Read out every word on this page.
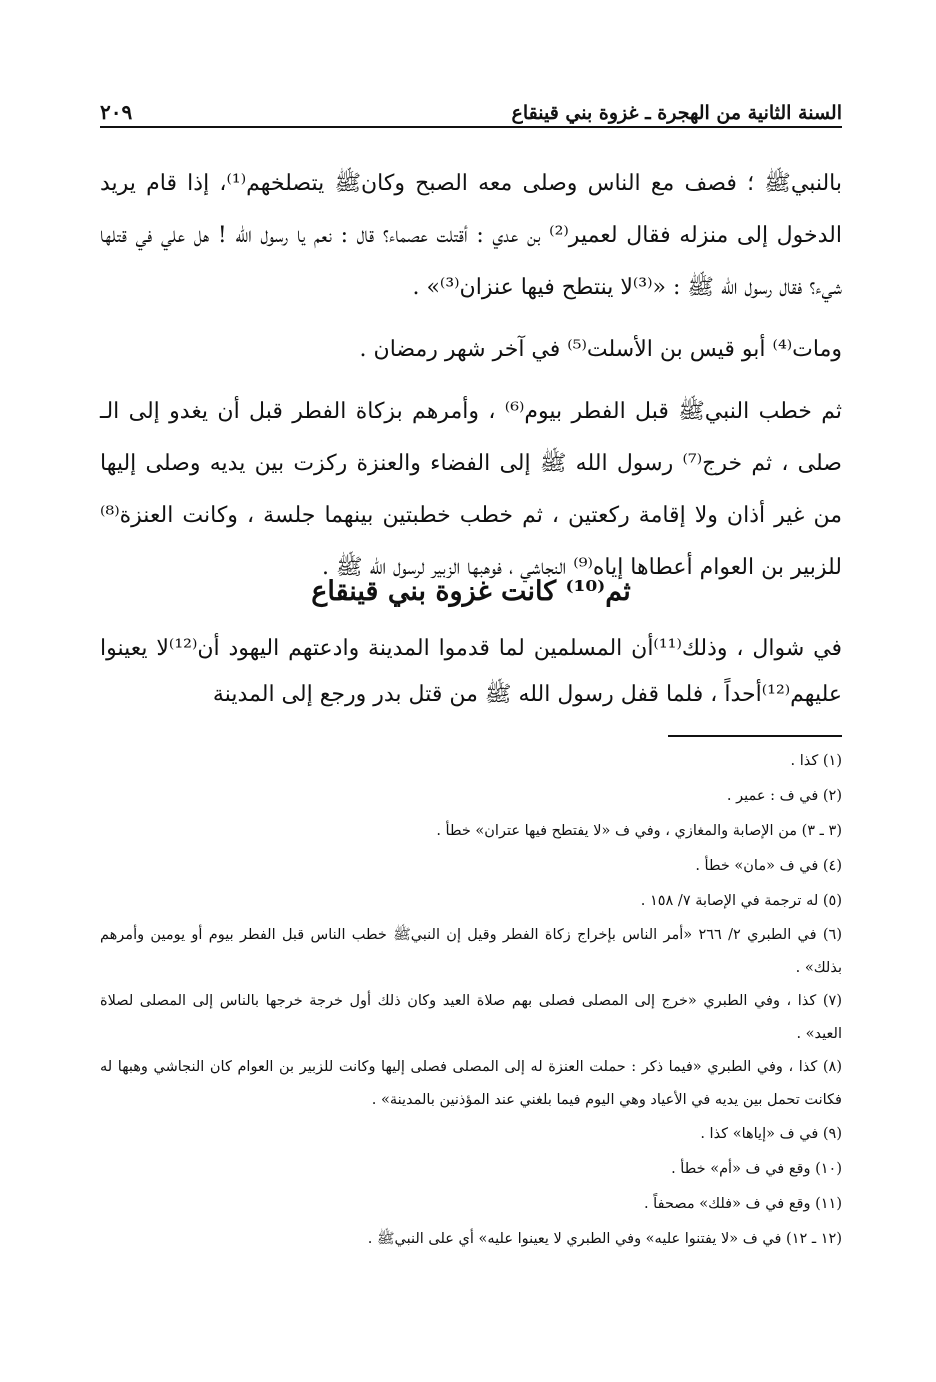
٢٠٩	السنة الثانية من الهجرة ـ غزوة بني قينقاع

بالنبيﷺ ؛ فصف مع الناس وصلى معه الصبح وكانﷺ يتصلخهم⁽¹⁾، إذا قام يريد الدخول إلى منزله فقال لعمير⁽²⁾ بن عدي : أقتلت عصماء؟ قال : نعم يا رسول الله ! هل علي في قتلها شيء؟ فقال رسول الله ﷺ : «⁽³⁾لا ينتطح فيها عنزان⁽³⁾» .

ومات⁽⁴⁾ أبو قيس بن الأسلت⁽⁵⁾ في آخر شهر رمضان .

ثم خطب النبيﷺ قبل الفطر بيوم⁽⁶⁾ ، وأمرهم بزكاة الفطر قبل أن يغدو إلى الـ صلى ، ثم خرج⁽⁷⁾ رسول الله ﷺ إلى الفضاء والعنزة ركزت بين يديه وصلى إليها من غير أذان ولا إقامة ركعتين ، ثم خطب خطبتين بينهما جلسة ، وكانت العنزة⁽⁸⁾ للزبير بن العوام أعطاها إياه⁽⁹⁾ النجاشي ، فوهبها الزبير لرسول الله ﷺ .

ثم⁽¹⁰⁾ كانت غزوة بني قينقاع

في شوال ، وذلك⁽¹¹⁾أن المسلمين لما قدموا المدينة وادعتهم اليهود أن⁽¹²⁾لا يعينوا عليهم⁽¹²⁾أحداً ، فلما قفل رسول الله ﷺ من قتل بدر ورجع إلى المدينة

(١) كذا .

(٢) في ف : عمير .

(٣ ـ ٣) من الإصابة والمغازي ، وفي ف «لا يفتطح فيها عتران» خطأ .

(٤) في ف «مان» خطأ .

(٥) له ترجمة في الإصابة ٧/ ١٥٨ .

(٦) في الطبري ٢/ ٢٦٦ «أمر الناس بإخراج زكاة الفطر وقيل إن النبيﷺ خطب الناس قبل الفطر بيوم أو يومين وأمرهم بذلك» .

(٧) كذا ، وفي الطبري «خرج إلى المصلى فصلى بهم صلاة العيد وكان ذلك أول خرجة خرجها بالناس إلى المصلى لصلاة العيد» .

(٨) كذا ، وفي الطبري «فيما ذكر : حملت العنزة له إلى المصلى فصلى إليها وكانت للزبير بن العوام كان النجاشي وهبها له فكانت تحمل بين يديه في الأعياد وهي اليوم فيما بلغني عند المؤذنين بالمدينة» .

(٩) في ف «إياها» كذا .

(١٠) وقع في ف «أم» خطأ .

(١١) وقع في ف «فلك» مصحفاً .

(١٢ ـ ١٢) في ف «لا يفتنوا عليه» وفي الطبري لا يعينوا عليه» أي على النبيﷺ .
